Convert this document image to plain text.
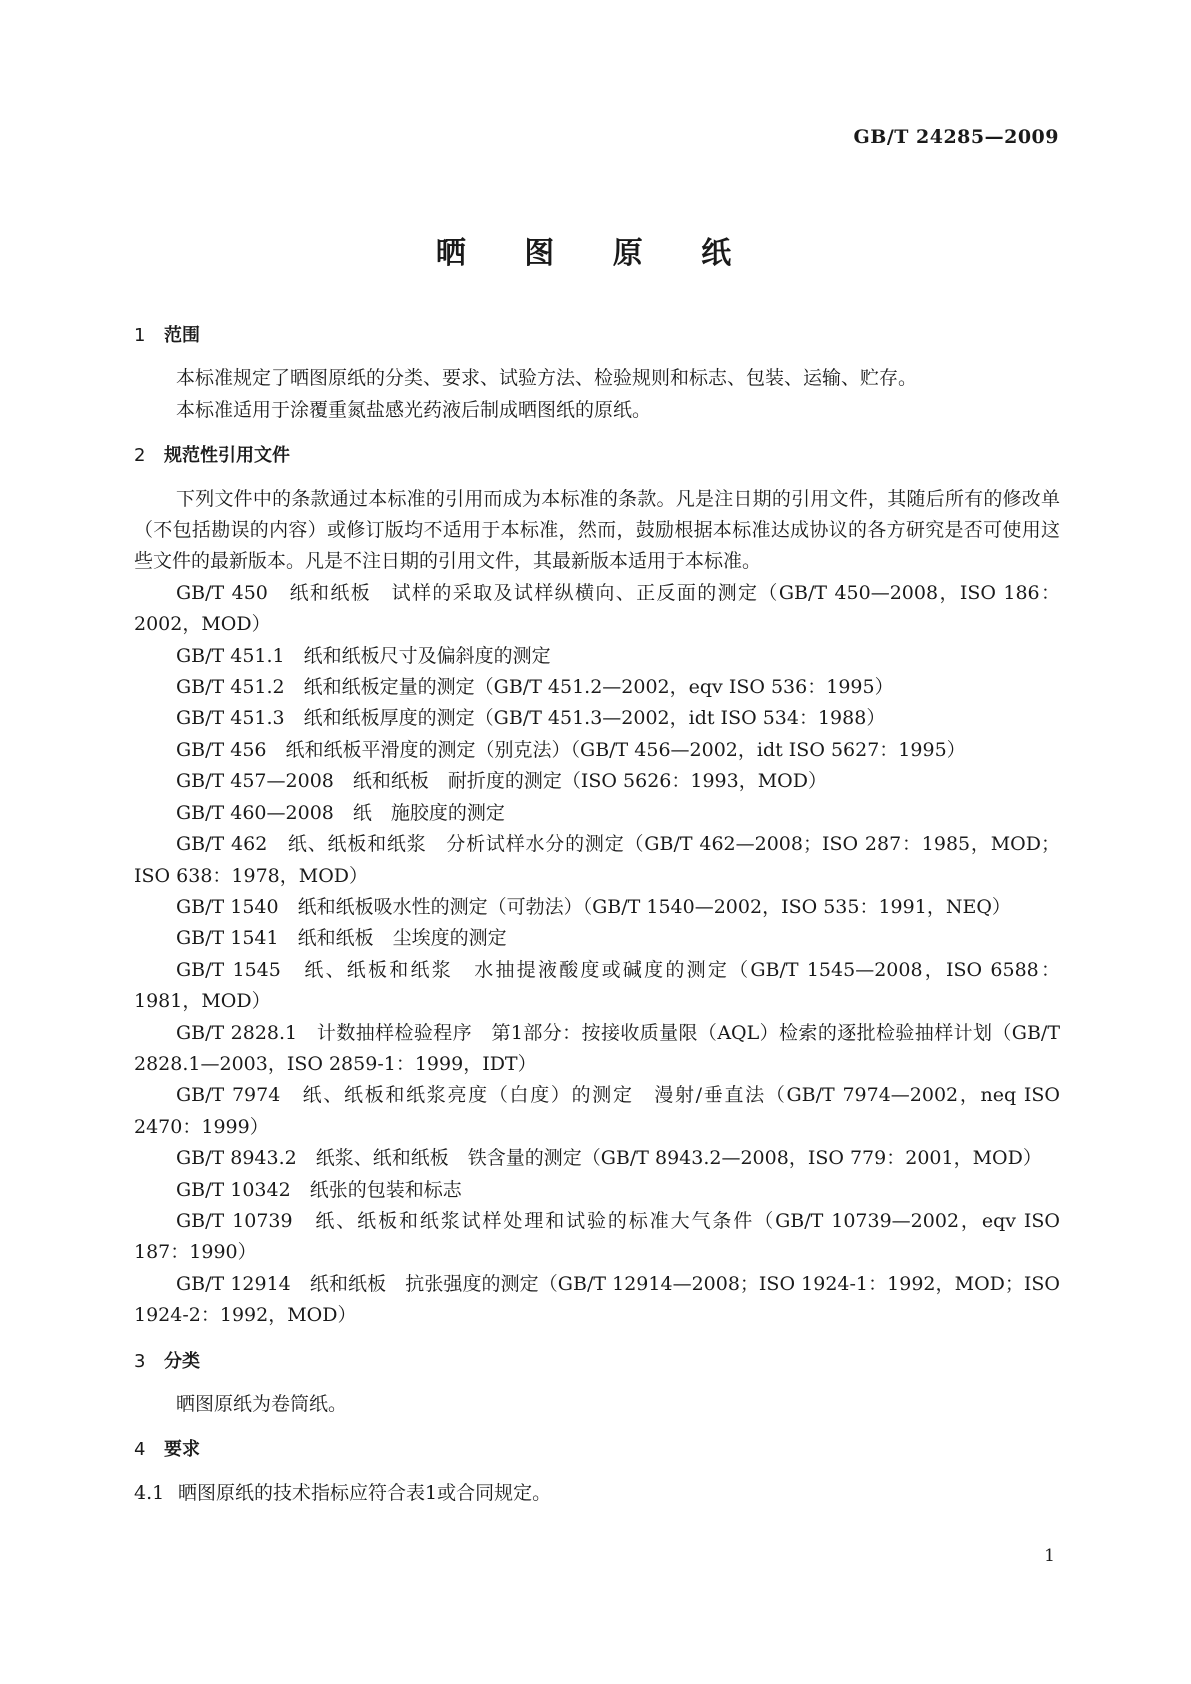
GB/T 24285—2009
晒 图 原 纸
1 范围
本标准规定了晒图原纸的分类、要求、试验方法、检验规则和标志、包装、运输、贮存。
本标准适用于涂覆重氮盐感光药液后制成晒图纸的原纸。
2 规范性引用文件
下列文件中的条款通过本标准的引用而成为本标准的条款。凡是注日期的引用文件，其随后所有的修改单（不包括勘误的内容）或修订版均不适用于本标准，然而，鼓励根据本标准达成协议的各方研究是否可使用这些文件的最新版本。凡是不注日期的引用文件，其最新版本适用于本标准。
GB/T 450　纸和纸板　试样的采取及试样纵横向、正反面的测定（GB/T 450—2008，ISO 186：2002，MOD）
GB/T 451.1　纸和纸板尺寸及偏斜度的测定
GB/T 451.2　纸和纸板定量的测定（GB/T 451.2—2002，eqv ISO 536：1995）
GB/T 451.3　纸和纸板厚度的测定（GB/T 451.3—2002，idt ISO 534：1988）
GB/T 456　纸和纸板平滑度的测定（别克法）（GB/T 456—2002，idt ISO 5627：1995）
GB/T 457—2008　纸和纸板　耐折度的测定（ISO 5626：1993，MOD）
GB/T 460—2008　纸　施胶度的测定
GB/T 462　纸、纸板和纸浆　分析试样水分的测定（GB/T 462—2008；ISO 287：1985，MOD；ISO 638：1978，MOD）
GB/T 1540　纸和纸板吸水性的测定（可勃法）（GB/T 1540—2002，ISO 535：1991，NEQ）
GB/T 1541　纸和纸板　尘埃度的测定
GB/T 1545　纸、纸板和纸浆　水抽提液酸度或碱度的测定（GB/T 1545—2008，ISO 6588：1981，MOD）
GB/T 2828.1　计数抽样检验程序　第1部分：按接收质量限（AQL）检索的逐批检验抽样计划（GB/T 2828.1—2003，ISO 2859-1：1999，IDT）
GB/T 7974　纸、纸板和纸浆亮度（白度）的测定　漫射/垂直法（GB/T 7974—2002，neq ISO 2470：1999）
GB/T 8943.2　纸浆、纸和纸板　铁含量的测定（GB/T 8943.2—2008，ISO 779：2001，MOD）
GB/T 10342　纸张的包装和标志
GB/T 10739　纸、纸板和纸浆试样处理和试验的标准大气条件（GB/T 10739—2002，eqv ISO 187：1990）
GB/T 12914　纸和纸板　抗张强度的测定（GB/T 12914—2008；ISO 1924-1：1992，MOD；ISO 1924-2：1992，MOD）
3 分类
晒图原纸为卷筒纸。
4 要求
4.1 晒图原纸的技术指标应符合表1或合同规定。
1
